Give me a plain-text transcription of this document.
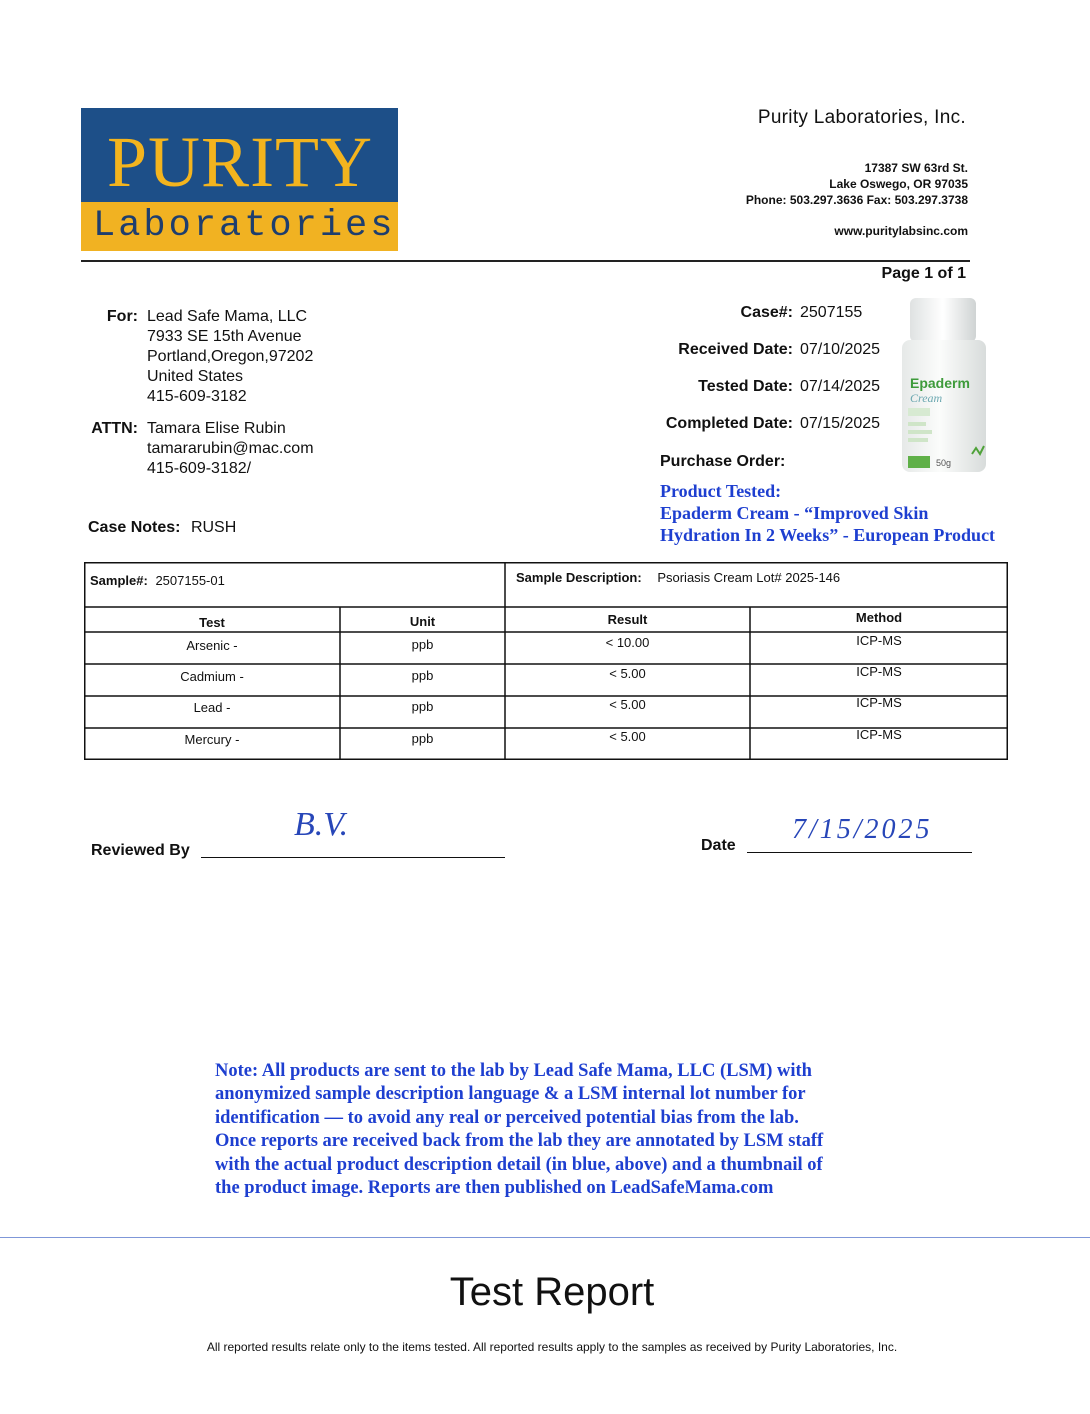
PURITY
Laboratories
Purity Laboratories, Inc.
17387 SW 63rd St.
Lake Oswego, OR 97035
Phone: 503.297.3636 Fax: 503.297.3738
www.puritylabsinc.com
Page 1 of 1
For: Lead Safe Mama, LLC
7933 SE 15th Avenue
Portland,Oregon,97202
United States
415-609-3182
ATTN: Tamara Elise Rubin
tamararubin@mac.com
415-609-3182/
Case Notes: RUSH
Case#: 2507155
Received Date: 07/10/2025
Tested Date: 07/14/2025
Completed Date: 07/15/2025
Purchase Order:
Epaderm
Cream
50g
Product Tested:
Epaderm Cream - “Improved Skin
Hydration In 2 Weeks” - European Product
Sample#: 2507155-01	Sample Description: Psoriasis Cream Lot# 2025-146
Test	Unit	Result	Method
Arsenic -	ppb	< 10.00	ICP-MS
Cadmium -	ppb	< 5.00	ICP-MS
Lead -	ppb	< 5.00	ICP-MS
Mercury -	ppb	< 5.00	ICP-MS
Reviewed By
B.V.
Date
7/15/2025
Note: All products are sent to the lab by Lead Safe Mama, LLC (LSM) with
anonymized sample description language & a LSM internal lot number for
identification — to avoid any real or perceived potential bias from the lab.
Once reports are received back from the lab they are annotated by LSM staff
with the actual product description detail (in blue, above) and a thumbnail of
the product image. Reports are then published on LeadSafeMama.com
Test Report
All reported results relate only to the items tested. All reported results apply to the samples as received by Purity Laboratories, Inc.
